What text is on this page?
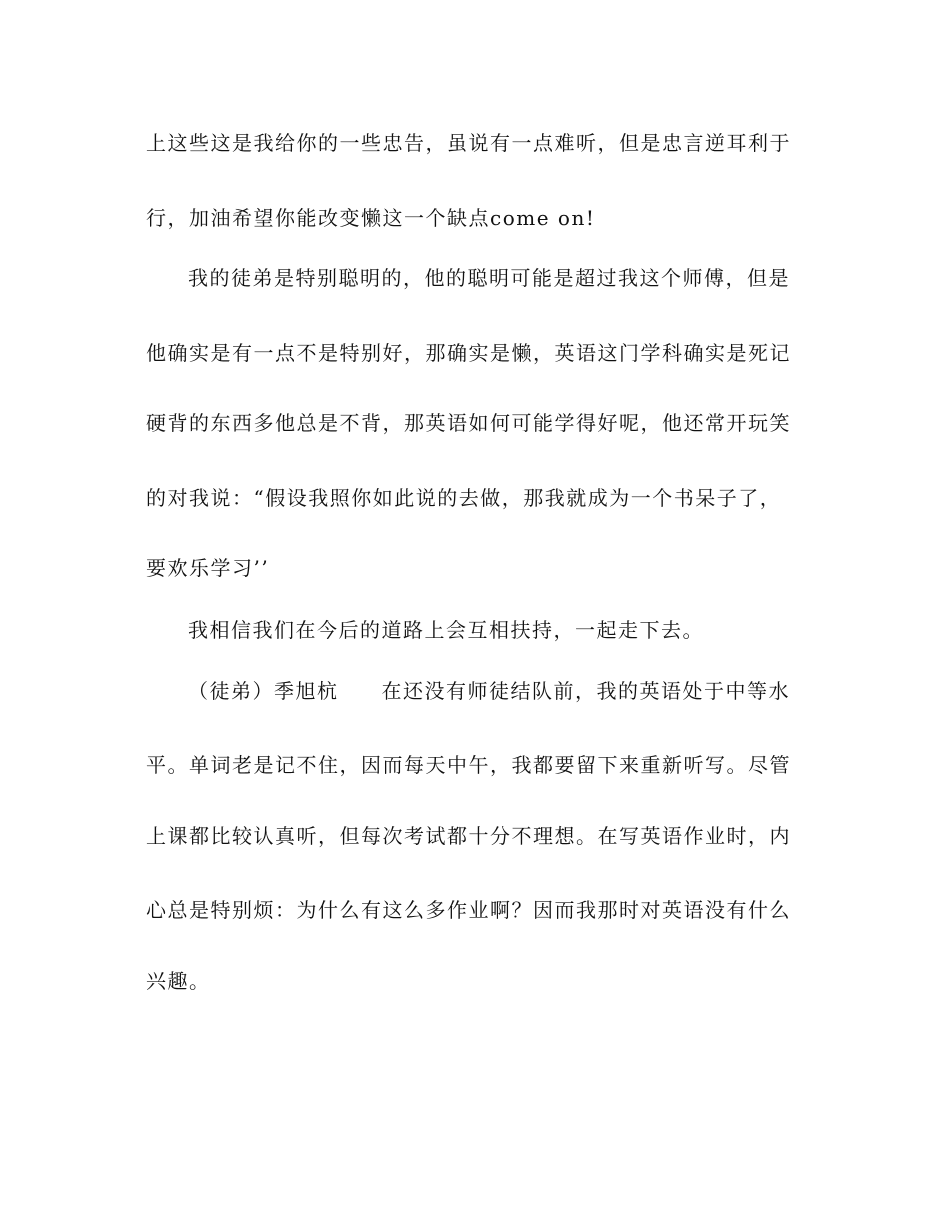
上这些这是我给你的一些忠告，虽说有一点难听，但是忠言逆耳利于
行，加油希望你能改变懒这一个缺点come on!
我的徒弟是特别聪明的，他的聪明可能是超过我这个师傅，但是
他确实是有一点不是特别好，那确实是懒，英语这门学科确实是死记
硬背的东西多他总是不背，那英语如何可能学得好呢，他还常开玩笑
的对我说：“假设我照你如此说的去做，那我就成为一个书呆子了，
要欢乐学习’’
我相信我们在今后的道路上会互相扶持，一起走下去。
（徒弟）季旭杭　　在还没有师徒结队前，我的英语处于中等水
平。单词老是记不住，因而每天中午，我都要留下来重新听写。尽管
上课都比较认真听，但每次考试都十分不理想。在写英语作业时，内
心总是特别烦：为什么有这么多作业啊？因而我那时对英语没有什么
兴趣。
